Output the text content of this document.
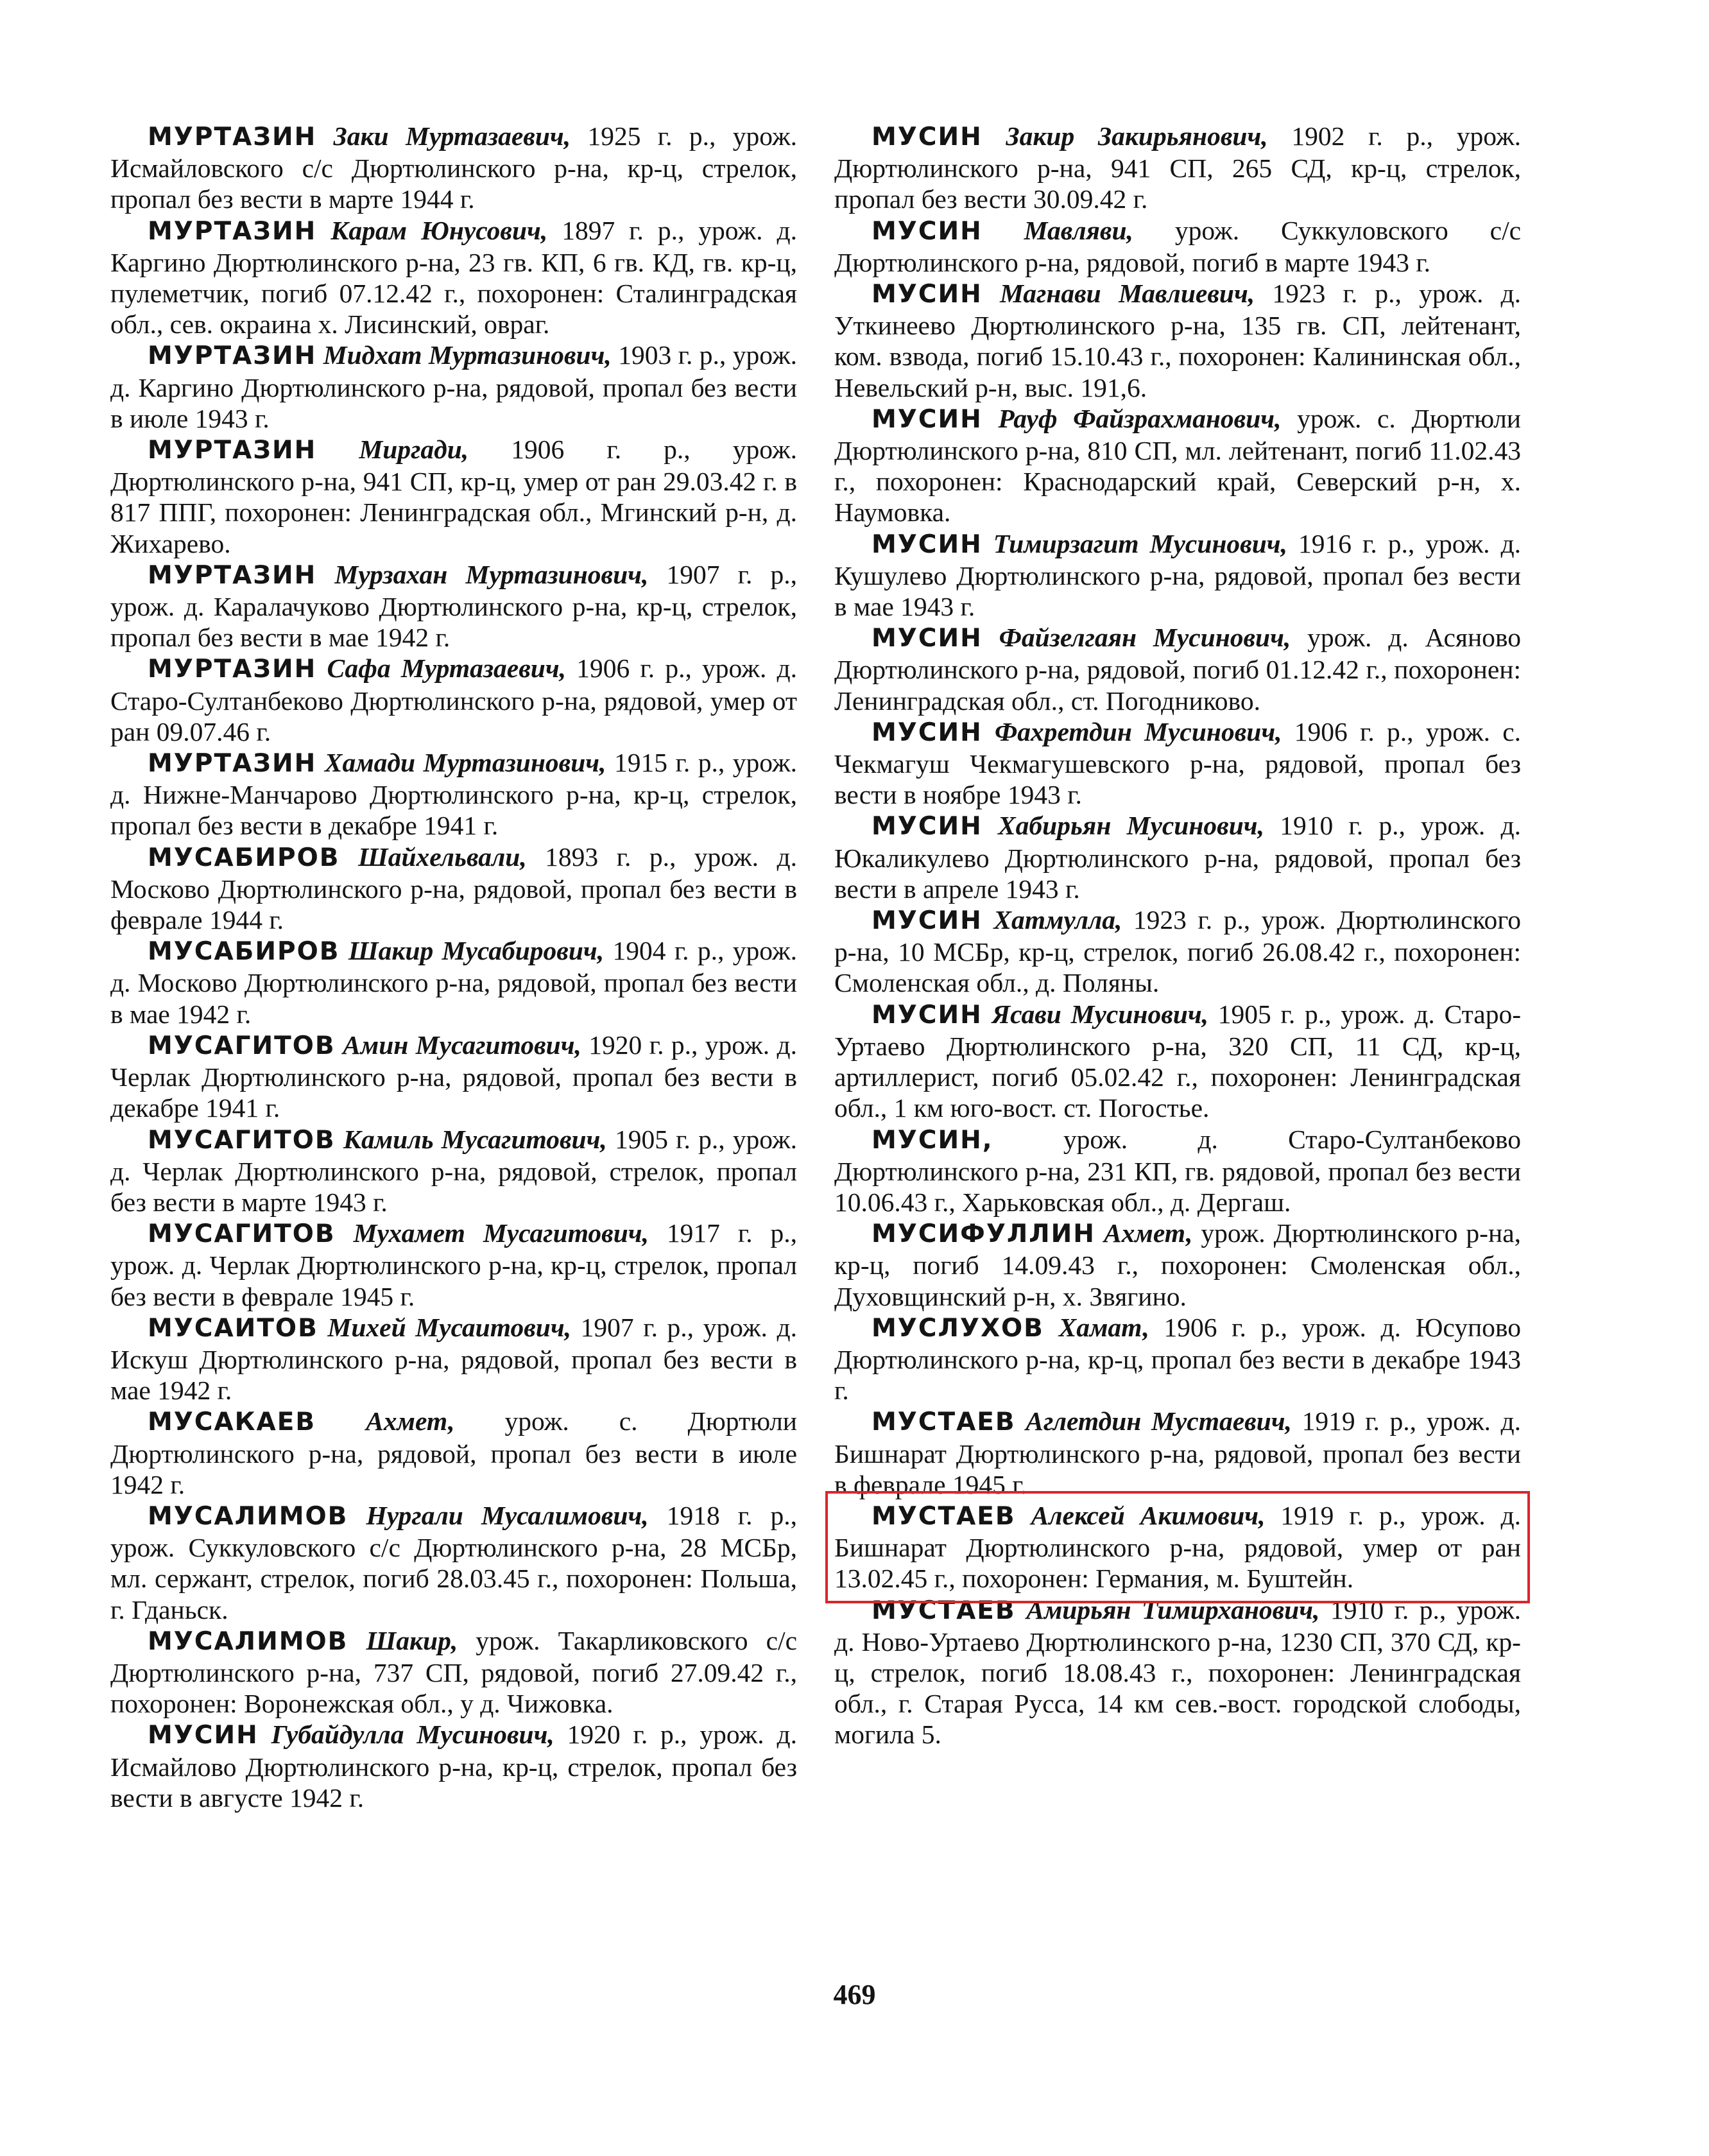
МУРТАЗИН Заки Муртазаевич, 1925 г. р., урож. Исмайловского с/с Дюртюлинского р-на, кр-ц, стрелок, пропал без вести в марте 1944 г.

МУРТАЗИН Карам Юнусович, 1897 г. р., урож. д. Каргино Дюртюлинского р-на, 23 гв. КП, 6 гв. КД, гв. кр-ц, пулеметчик, погиб 07.12.42 г., похоронен: Сталинградская обл., сев. окраина х. Лисинский, овраг.

МУРТАЗИН Мидхат Муртазинович, 1903 г. р., урож. д. Каргино Дюртюлинского р-на, рядовой, пропал без вести в июле 1943 г.

МУРТАЗИН Миргади, 1906 г. р., урож. Дюртюлинского р-на, 941 СП, кр-ц, умер от ран 29.03.42 г. в 817 ППГ, похоронен: Ленинградская обл., Мгинский р-н, д. Жихарево.

МУРТАЗИН Мурзахан Муртазинович, 1907 г. р., урож. д. Каралачуково Дюртюлинского р-на, кр-ц, стрелок, пропал без вести в мае 1942 г.

МУРТАЗИН Сафа Муртазаевич, 1906 г. р., урож. д. Старо-Султанбеково Дюртюлинского р-на, рядовой, умер от ран 09.07.46 г.

МУРТАЗИН Хамади Муртазинович, 1915 г. р., урож. д. Нижне-Манчарово Дюртюлинского р-на, кр-ц, стрелок, пропал без вести в декабре 1941 г.

МУСАБИРОВ Шайхельвали, 1893 г. р., урож. д. Москово Дюртюлинского р-на, рядовой, пропал без вести в феврале 1944 г.

МУСАБИРОВ Шакир Мусабирович, 1904 г. р., урож. д. Москово Дюртюлинского р-на, рядовой, пропал без вести в мае 1942 г.

МУСАГИТОВ Амин Мусагитович, 1920 г. р., урож. д. Черлак Дюртюлинского р-на, рядовой, пропал без вести в декабре 1941 г.

МУСАГИТОВ Камиль Мусагитович, 1905 г. р., урож. д. Черлак Дюртюлинского р-на, рядовой, стрелок, пропал без вести в марте 1943 г.

МУСАГИТОВ Мухамет Мусагитович, 1917 г. р., урож. д. Черлак Дюртюлинского р-на, кр-ц, стрелок, пропал без вести в феврале 1945 г.

МУСАИТОВ Михей Мусаитович, 1907 г. р., урож. д. Искуш Дюртюлинского р-на, рядовой, пропал без вести в мае 1942 г.

МУСАКАЕВ Ахмет, урож. с. Дюртюли Дюртюлинского р-на, рядовой, пропал без вести в июле 1942 г.

МУСАЛИМОВ Нургали Мусалимович, 1918 г. р., урож. Суккуловского с/с Дюртюлинского р-на, 28 МСБр, мл. сержант, стрелок, погиб 28.03.45 г., похоронен: Польша, г. Гданьск.

МУСАЛИМОВ Шакир, урож. Такарликовского с/с Дюртюлинского р-на, 737 СП, рядовой, погиб 27.09.42 г., похоронен: Воронежская обл., у д. Чижовка.

МУСИН Губайдулла Мусинович, 1920 г. р., урож. д. Исмайлово Дюртюлинского р-на, кр-ц, стрелок, пропал без вести в августе 1942 г.

МУСИН Закир Закирьянович, 1902 г. р., урож. Дюртюлинского р-на, 941 СП, 265 СД, кр-ц, стрелок, пропал без вести 30.09.42 г.

МУСИН Мавляви, урож. Суккуловского с/с Дюртюлинского р-на, рядовой, погиб в марте 1943 г.

МУСИН Магнави Мавлиевич, 1923 г. р., урож. д. Уткинеево Дюртюлинского р-на, 135 гв. СП, лейтенант, ком. взвода, погиб 15.10.43 г., похоронен: Калининская обл., Невельский р-н, выс. 191,6.

МУСИН Рауф Файзрахманович, урож. с. Дюртюли Дюртюлинского р-на, 810 СП, мл. лейтенант, погиб 11.02.43 г., похоронен: Краснодарский край, Северский р-н, х. Наумовка.

МУСИН Тимирзагит Мусинович, 1916 г. р., урож. д. Кушулево Дюртюлинского р-на, рядовой, пропал без вести в мае 1943 г.

МУСИН Файзелгаян Мусинович, урож. д. Асяново Дюртюлинского р-на, рядовой, погиб 01.12.42 г., похоронен: Ленинградская обл., ст. Погодниково.

МУСИН Фахретдин Мусинович, 1906 г. р., урож. с. Чекмагуш Чекмагушевского р-на, рядовой, пропал без вести в ноябре 1943 г.

МУСИН Хабирьян Мусинович, 1910 г. р., урож. д. Юкаликулево Дюртюлинского р-на, рядовой, пропал без вести в апреле 1943 г.

МУСИН Хатмулла, 1923 г. р., урож. Дюртюлинского р-на, 10 МСБр, кр-ц, стрелок, погиб 26.08.42 г., похоронен: Смоленская обл., д. Поляны.

МУСИН Ясави Мусинович, 1905 г. р., урож. д. Старо-Уртаево Дюртюлинского р-на, 320 СП, 11 СД, кр-ц, артиллерист, погиб 05.02.42 г., похоронен: Ленинградская обл., 1 км юго-вост. ст. Погостье.

МУСИН,	урож. д. Старо-Султанбеково Дюртюлинского р-на, 231 КП, гв. рядовой, пропал без вести 10.06.43 г., Харьковская обл., д. Дергаш.

МУСИФУЛЛИН Ахмет, урож. Дюртюлинского р-на, кр-ц, погиб 14.09.43 г., похоронен: Смоленская обл., Духовщинский р-н, х. Звягино.

МУСЛУХОВ Хамат, 1906 г. р., урож. д. Юсупово Дюртюлинского р-на, кр-ц, пропал без вести в декабре 1943 г.

МУСТАЕВ Аглетдин Мустаевич, 1919 г. р., урож. д. Бишнарат Дюртюлинского р-на, рядовой, пропал без вести в феврале 1945 г.

МУСТАЕВ Алексей Акимович, 1919 г. р., урож. д. Бишнарат Дюртюлинского р-на, рядовой, умер от ран 13.02.45 г., похоронен: Германия, м. Буштейн.

МУСТАЕВ Амирьян Тимирханович, 1910 г. р., урож. д. Ново-Уртаево Дюртюлинского р-на, 1230 СП, 370 СД, кр-ц, стрелок, погиб 18.08.43 г., похоронен: Ленинградская обл., г. Старая Русса, 14 км сев.-вост. городской слободы, могила 5.

469
